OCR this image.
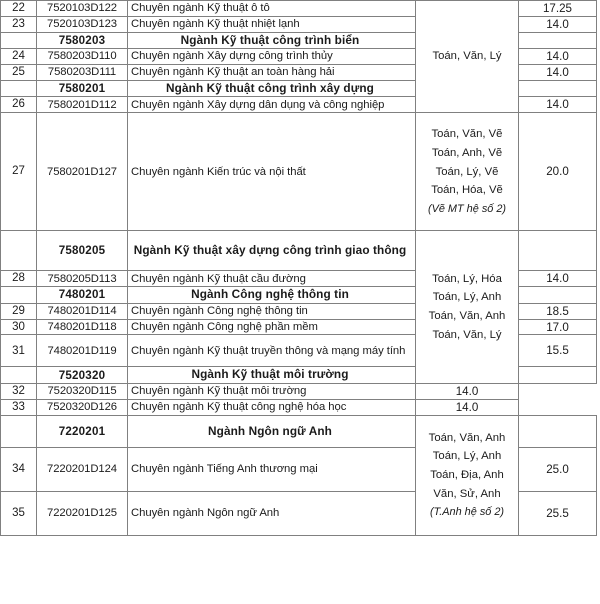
22	7520103D122	Chuyên ngành Kỹ thuật ô tô	Toán, Văn, Lý	17.25
23	7520103D123	Chuyên ngành Kỹ thuật nhiệt lạnh		14.0
	7580203	Ngành Kỹ thuật công trình biển		
24	7580203D110	Chuyên ngành Xây dựng công trình thủy		14.0
25	7580203D111	Chuyên ngành Kỹ thuật an toàn hàng hải		14.0
	7580201	Ngành Kỹ thuật công trình xây dựng		
26	7580201D112	Chuyên ngành Xây dựng dân dụng và công nghiệp		14.0
27	7580201D127	Chuyên ngành Kiến trúc và nội thất	Toán, Văn, Vẽ
Toán, Anh, Vẽ
Toán, Lý, Vẽ
Toán, Hóa, Vẽ
(Vẽ MT hệ số 2)	20.0
	7580205	Ngành Kỹ thuật xây dựng công trình giao thông	Toán, Lý, Hóa
Toán, Lý, Anh
Toán, Văn, Anh
Toán, Văn, Lý	

28	7580205D113	Chuyên ngành Kỹ thuật cầu đường		14.0
	7480201	Ngành Công nghệ thông tin		
29	7480201D114	Chuyên ngành Công nghệ thông tin		18.5
30	7480201D118	Chuyên ngành Công nghệ phần mềm		17.0
31	7480201D119	Chuyên ngành Kỹ thuật truyền thông và mạng máy tính		15.5
	7520320	Ngành Kỹ thuật môi trường		
32	7520320D115	Chuyên ngành Kỹ thuật môi trường	14.0	
33	7520320D126	Chuyên ngành Kỹ thuật công nghệ hóa học	14.0	
	7220201	Ngành Ngôn ngữ Anh	Toán, Văn, Anh
Toán, Lý, Anh
Toán, Địa, Anh
Văn, Sử, Anh
(T.Anh hệ số 2)	

34	7220201D124	Chuyên ngành Tiếng Anh thương mại		25.0
35	7220201D125	Chuyên ngành Ngôn ngữ Anh		25.5
